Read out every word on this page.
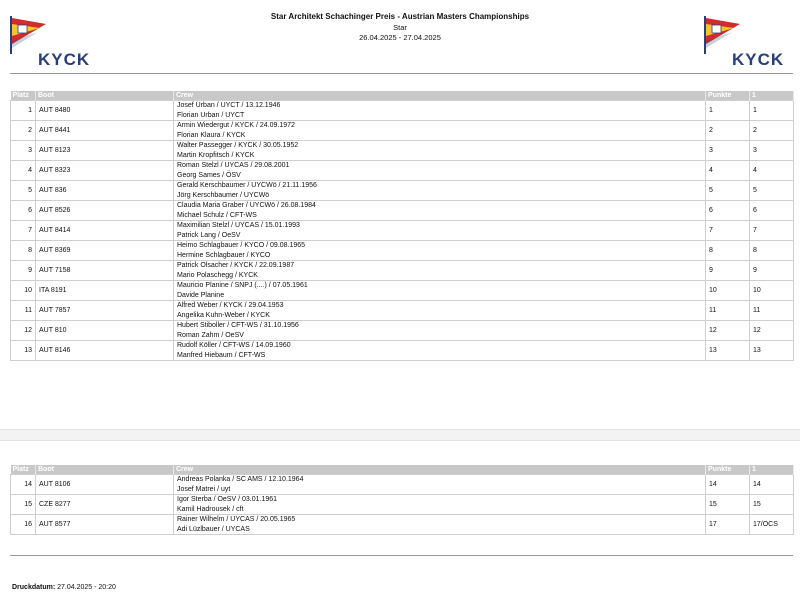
KYCK	KYCK
Star Architekt Schachinger Preis - Austrian Masters Championships
Star
26.04.2025 - 27.04.2025
Platz	Boot	Crew	Punkte	1
1	AUT 8480	Josef Urban / UYCT / 13.12.1946
Florian Urban / UYCT	1	1
2	AUT 8441	Armin Wiedergut / KYCK / 24.09.1972
Florian Klaura / KYCK	2	2
3	AUT 8123	Walter Passegger / KYCK / 30.05.1952
Martin Kropfitsch / KYCK	3	3
4	AUT 8323	Roman Stelzl / UYCAS / 29.08.2001
Georg Sames / ÖSV	4	4
5	AUT 836	Gerald Kerschbaumer / UYCWö / 21.11.1956
Jörg Kerschbaumer / UYCWö	5	5
6	AUT 8526	Claudia Maria Graber / UYCWö / 26.08.1984
Michael Schulz / CFT-WS	6	6
7	AUT 8414	Maximilian Stelzl / UYCAS / 15.01.1993
Patrick Lang / OeSV	7	7
8	AUT 8369	Heimo Schlagbauer / KYCO / 09.08.1965
Hermine Schlagbauer / KYCO	8	8
9	AUT 7158	Patrick Olsacher / KYCK / 22.09.1987
Mario Polaschegg / KYCK	9	9
10	ITA 8191	Mauricio Planine / SNPJ (....) / 07.05.1961
Davide Planine	10	10
11	AUT 7857	Alfred Weber / KYCK / 29.04.1953
Angelika Kuhn-Weber / KYCK	11	11
12	AUT 810	Hubert Stiboller / CFT-WS / 31.10.1956
Roman Zahm / OeSV	12	12
13	AUT 8146	Rudolf Köller / CFT-WS / 14.09.1960
Manfred Hiebaum / CFT-WS	13	13
Platz	Boot	Crew	Punkte	1
14	AUT 8106	Andreas Polanka / SC AMS / 12.10.1964
Josef Matrei / uyt	14	14
15	CZE 8277	Igor Sterba / OeSV / 03.01.1961
Kamil Hadrousek / cft	15	15
16	AUT 8577	Rainer Wilhelm / UYCAS / 20.05.1965
Adi Lüzlbauer / UYCAS	17	17/OCS
Druckdatum: 27.04.2025 - 20:20
